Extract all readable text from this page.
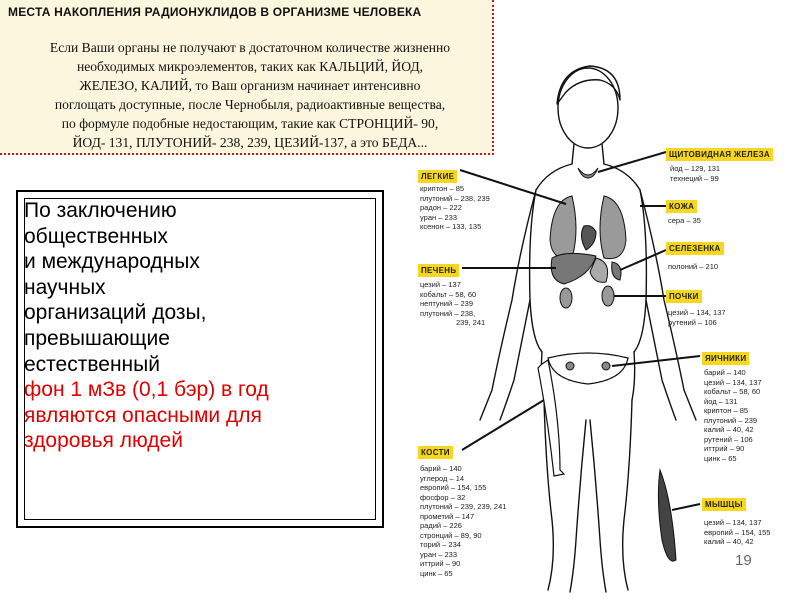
МЕСТА НАКОПЛЕНИЯ РАДИОНУКЛИДОВ В ОРГАНИЗМЕ ЧЕЛОВЕКА

Если Ваши органы не получают в достаточном количестве жизненно
необходимых микроэлементов, таких как КАЛЬЦИЙ, ЙОД,
ЖЕЛЕЗО, КАЛИЙ, то Ваш организм начинает интенсивно
поглощать доступные, после Чернобыля, радиоактивные вещества,
по формуле подобные недостающим, такие как СТРОНЦИЙ- 90,
ЙОД- 131, ПЛУТОНИЙ- 238, 239, ЦЕЗИЙ-137, а это БЕДА...

По заключению
общественных
и международных
научных
организаций дозы,
превышающие
естественный
фон 1 мЗв (0,1 бэр) в год
являются опасными для
здоровья людей

ЛЕГКИЕ
криптон – 85
плутоний – 238, 239
радон – 222
уран – 233
ксенон – 133, 135
ПЕЧЕНЬ
цезий – 137
кобальт – 58, 60
нептуний – 239
плутоний – 238,
239, 241
КОСТИ
барий – 140
углерод – 14
европий – 154, 155
фосфор – 32
плутоний – 239, 239, 241
прометий – 147
радий – 226
стронций – 89, 90
торий – 234
уран – 233
иттрий – 90
цинк – 65
ЩИТОВИДНАЯ ЖЕЛЕЗА
йод – 129, 131
технеций – 99
КОЖА
сера – 35
СЕЛЕЗЕНКА
полоний – 210
ПОЧКИ
цезий – 134, 137
рутений – 106
ЯИЧНИКИ
барий – 140
цезий – 134, 137
кобальт – 58, 60
йод – 131
криптон – 85
плутоний – 239
калий – 40, 42
рутений – 106
иттрий – 90
цинк – 65
МЫШЦЫ
цезий – 134, 137
европий – 154, 155
калий – 40, 42
19
